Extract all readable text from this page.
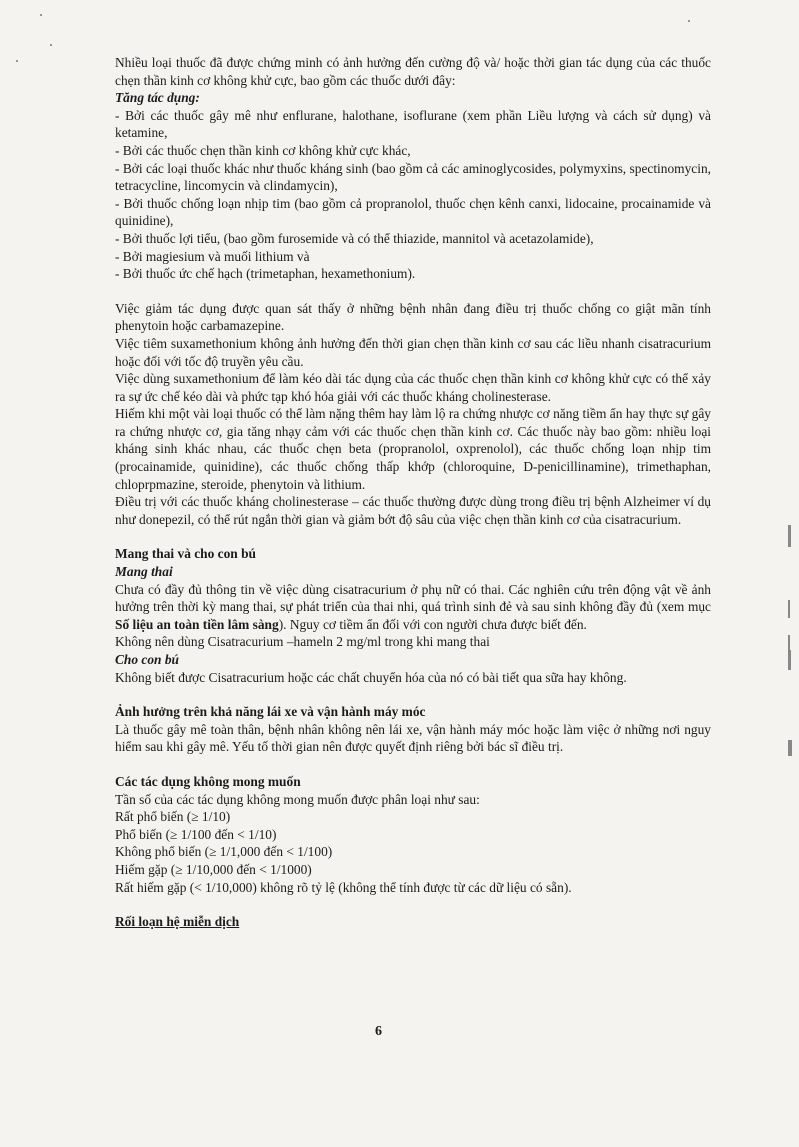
Nhiều loại thuốc đã được chứng minh có ảnh hưởng đến cường độ và/ hoặc thời gian tác dụng của các thuốc chẹn thần kinh cơ không khử cực, bao gồm các thuốc dưới đây:

Tăng tác dụng:

- Bởi các thuốc gây mê như enflurane, halothane, isoflurane (xem phần Liều lượng và cách sử dụng) và ketamine,

- Bởi các thuốc chẹn thần kinh cơ không khử cực khác,

- Bởi các loại thuốc khác như thuốc kháng sinh (bao gồm cả các aminoglycosides, polymyxins, spectinomycin, tetracycline, lincomycin và clindamycin),

- Bởi thuốc chống loạn nhịp tim (bao gồm cả propranolol, thuốc chẹn kênh canxi, lidocaine, procainamide và quinidine),

- Bởi thuốc lợi tiểu, (bao gồm furosemide và có thể thiazide, mannitol và acetazolamide),

- Bởi magiesium và muối lithium và

- Bởi thuốc ức chế hạch (trimetaphan, hexamethonium).

Việc giảm tác dụng được quan sát thấy ở những bệnh nhân đang điều trị thuốc chống co giật mãn tính phenytoin hoặc carbamazepine.

Việc tiêm suxamethonium không ảnh hưởng đến thời gian chẹn thần kinh cơ sau các liều nhanh cisatracurium hoặc đối với tốc độ truyền yêu cầu.

Việc dùng suxamethonium để làm kéo dài tác dụng của các thuốc chẹn thần kinh cơ không khử cực có thể xảy ra sự ức chế kéo dài và phức tạp khó hóa giải với các thuốc kháng cholinesterase.

Hiếm khi một vài loại thuốc có thể làm nặng thêm hay làm lộ ra chứng nhược cơ năng tiềm ẩn hay thực sự gây ra chứng nhược cơ, gia tăng nhạy cảm với các thuốc chẹn thần kinh cơ. Các thuốc này bao gồm: nhiều loại kháng sinh khác nhau, các thuốc chẹn beta (propranolol, oxprenolol), các thuốc chống loạn nhịp tim (procainamide, quinidine), các thuốc chống thấp khớp (chloroquine, D-penicillinamine), trimethaphan, chloprpmazine, steroide, phenytoin và lithium.

Điều trị với các thuốc kháng cholinesterase – các thuốc thường được dùng trong điều trị bệnh Alzheimer ví dụ như donepezil, có thể rút ngắn thời gian và giảm bớt độ sâu của việc chẹn thần kinh cơ của cisatracurium.

Mang thai và cho con bú

Mang thai

Chưa có đầy đủ thông tin về việc dùng cisatracurium ở phụ nữ có thai. Các nghiên cứu trên động vật về ảnh hưởng trên thời kỳ mang thai, sự phát triển của thai nhi, quá trình sinh đẻ và sau sinh không đầy đủ (xem mục Số liệu an toàn tiền lâm sàng). Nguy cơ tiềm ẩn đối với con người chưa được biết đến.

Không nên dùng Cisatracurium –hameln 2 mg/ml trong khi mang thai

Cho con bú

Không biết được Cisatracurium hoặc các chất chuyển hóa của nó có bài tiết qua sữa hay không.

Ảnh hưởng trên khả năng lái xe và vận hành máy móc

Là thuốc gây mê toàn thân, bệnh nhân không nên lái xe, vận hành máy móc hoặc làm việc ở những nơi nguy hiểm sau khi gây mê. Yếu tố thời gian nên được quyết định riêng bởi bác sĩ điều trị.

Các tác dụng không mong muốn

Tần số của các tác dụng không mong muốn được phân loại như sau:

Rất phổ biến (≥ 1/10)

Phổ biến (≥ 1/100 đến < 1/10)

Không phổ biến (≥ 1/1,000 đến < 1/100)

Hiếm gặp (≥ 1/10,000 đến < 1/1000)

Rất hiếm gặp (< 1/10,000) không rõ tỷ lệ (không thể tính được từ các dữ liệu có sẵn).

Rối loạn hệ miễn dịch

6
